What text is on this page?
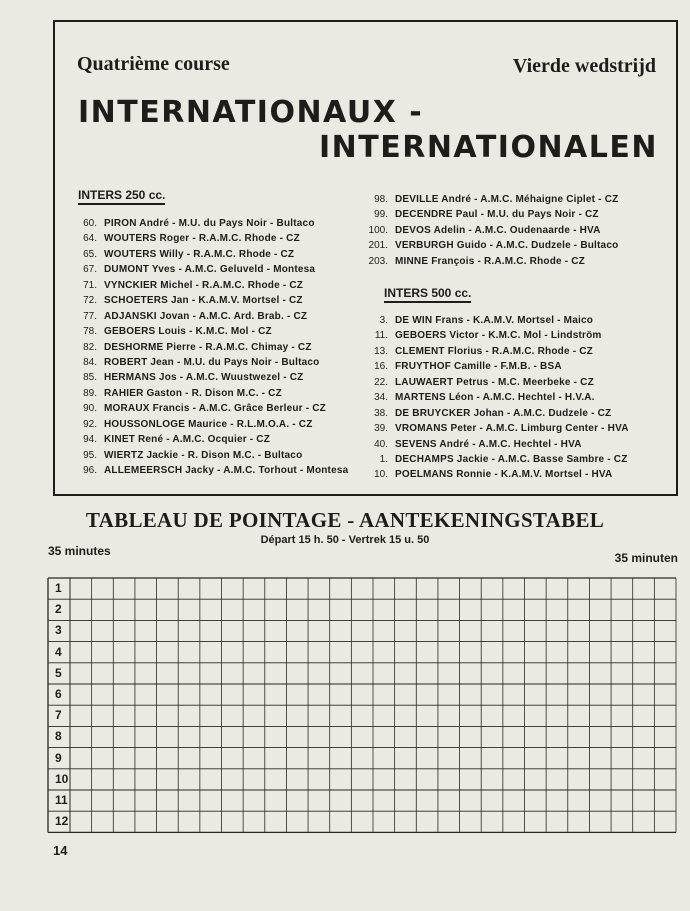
Quatrième course	Vierde wedstrijd
INTERNATIONAUX -
INTERNATIONALEN
INTERS 250 cc.
60. PIRON André - M.U. du Pays Noir - Bultaco
64. WOUTERS Roger - R.A.M.C. Rhode - CZ
65. WOUTERS Willy - R.A.M.C. Rhode - CZ
67. DUMONT Yves - A.M.C. Geluveld - Montesa
71. VYNCKIER Michel - R.A.M.C. Rhode - CZ
72. SCHOETERS Jan - K.A.M.V. Mortsel - CZ
77. ADJANSKI Jovan - A.M.C. Ard. Brab. - CZ
78. GEBOERS Louis - K.M.C. Mol - CZ
82. DESHORME Pierre - R.A.M.C. Chimay - CZ
84. ROBERT Jean - M.U. du Pays Noir - Bultaco
85. HERMANS Jos - A.M.C. Wuustwezel - CZ
89. RAHIER Gaston - R. Dison M.C. - CZ
90. MORAUX Francis - A.M.C. Grâce Berleur - CZ
92. HOUSSONLOGE Maurice - R.L.M.O.A. - CZ
94. KINET René - A.M.C. Ocquier - CZ
95. WIERTZ Jackie - R. Dison M.C. - Bultaco
96. ALLEMEERSCH Jacky - A.M.C. Torhout - Montesa
98. DEVILLE André - A.M.C. Méhaigne Ciplet - CZ
99. DECENDRE Paul - M.U. du Pays Noir - CZ
100. DEVOS Adelin - A.M.C. Oudenaarde - HVA
201. VERBURGH Guido - A.M.C. Dudzele - Bultaco
203. MINNE François - R.A.M.C. Rhode - CZ
INTERS 500 cc.
3. DE WIN Frans - K.A.M.V. Mortsel - Maico
11. GEBOERS Victor - K.M.C. Mol - Lindström
13. CLEMENT Florius - R.A.M.C. Rhode - CZ
16. FRUYTHOF Camille - F.M.B. - BSA
22. LAUWAERT Petrus - M.C. Meerbeke - CZ
34. MARTENS Léon - A.M.C. Hechtel - H.V.A.
38. DE BRUYCKER Johan - A.M.C. Dudzele - CZ
39. VROMANS Peter - A.M.C. Limburg Center - HVA
40. SEVENS André - A.M.C. Hechtel - HVA
1. DECHAMPS Jackie - A.M.C. Basse Sambre - CZ
10. POELMANS Ronnie - K.A.M.V. Mortsel - HVA
TABLEAU DE POINTAGE - AANTEKENINGSTABEL
Départ 15 h. 50 - Vertrek 15 u. 50
35 minutes	35 minuten
1
2
3
4
5
6
7
8
9
10
11
12
14
